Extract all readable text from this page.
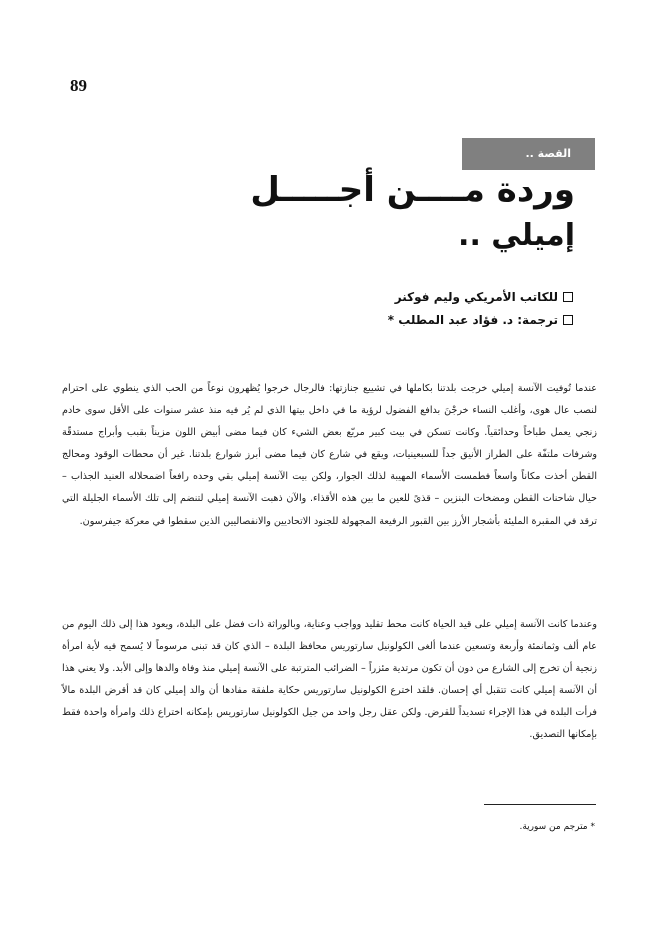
89
القصة ..
وردة مــــن أجـــــل
إميلي ..
للكاتب الأمريكي وليم فوكنر
ترجمة: د. فؤاد عبد المطلب *

عندما تُوفيت الآنسة إميلي خرجت بلدتنا بكاملها في تشييع جنازتها: فالرجال خرجوا يُظهرون نوعاً من الحب الذي ينطوي على احترام لنصب عال هوى، وأغلب النساء خرجْنَ بدافع الفضول لرؤية ما في داخل بيتها الذي لم يُر فيه منذ عشر سنوات على الأقل سوى خادم زنجي يعمل طباخاً وحدائقياً. وكانت تسكن في بيت كبير مربّع بعض الشيء كان فيما مضى أبيض اللون مزيناً بقبب وأبراج مستدقّة وشرفات ملتفّة على الطراز الأنيق جداً للسبعينيات، ويقع في شارع كان فيما مضى أبرز شوارع بلدتنا. غير أن محطات الوقود ومحالج القطن أخذت مكاناً واسعاً فطمست الأسماء المهيبة لذلك الجوار، ولكن بيت الآنسة إميلي بقي وحده رافعاً اضمحلاله العنيد الجذاب – حيال شاحنات القطن ومضخات البنزين – قذىً للعين ما بين هذه الأقذاء. والآن ذهبت الآنسة إميلي لتنضم إلى تلك الأسماء الجليلة التي ترقد في المقبرة المليئة بأشجار الأرز بين القبور الرفيعة المجهولة للجنود الاتحاديين والانفصاليين الذين سقطوا في معركة جيفرسون.

وعندما كانت الآنسة إميلي على قيد الحياة كانت محط تقليد وواجب وعناية، وبالوراثة ذات فضل على البلدة، ويعود هذا إلى ذلك اليوم من عام ألف وثمانمئة وأربعة وتسعين عندما ألغى الكولونيل سارتوريس محافظ البلدة – الذي كان قد تبنى مرسوماً لا يُسمح فيه لأية امرأة زنجية أن تخرج إلى الشارع من دون أن تكون مرتدية مئزراً – الضرائب المترتبة على الآنسة إميلي منذ وفاة والدها وإلى الأبد. ولا يعني هذا أن الآنسة إميلي كانت تتقبل أي إحسان. فلقد اخترع الكولونيل سارتوريس حكاية ملفقة مفادها أن والد إميلي كان قد أقرض البلدة مالاً فرأت البلدة في هذا الإجراء تسديداً للقرض. ولكن عقل رجل واحد من جيل الكولونيل سارتوريس بإمكانه اختراع ذلك وامرأة واحدة فقط بإمكانها التصديق.

* مترجم من سورية.
